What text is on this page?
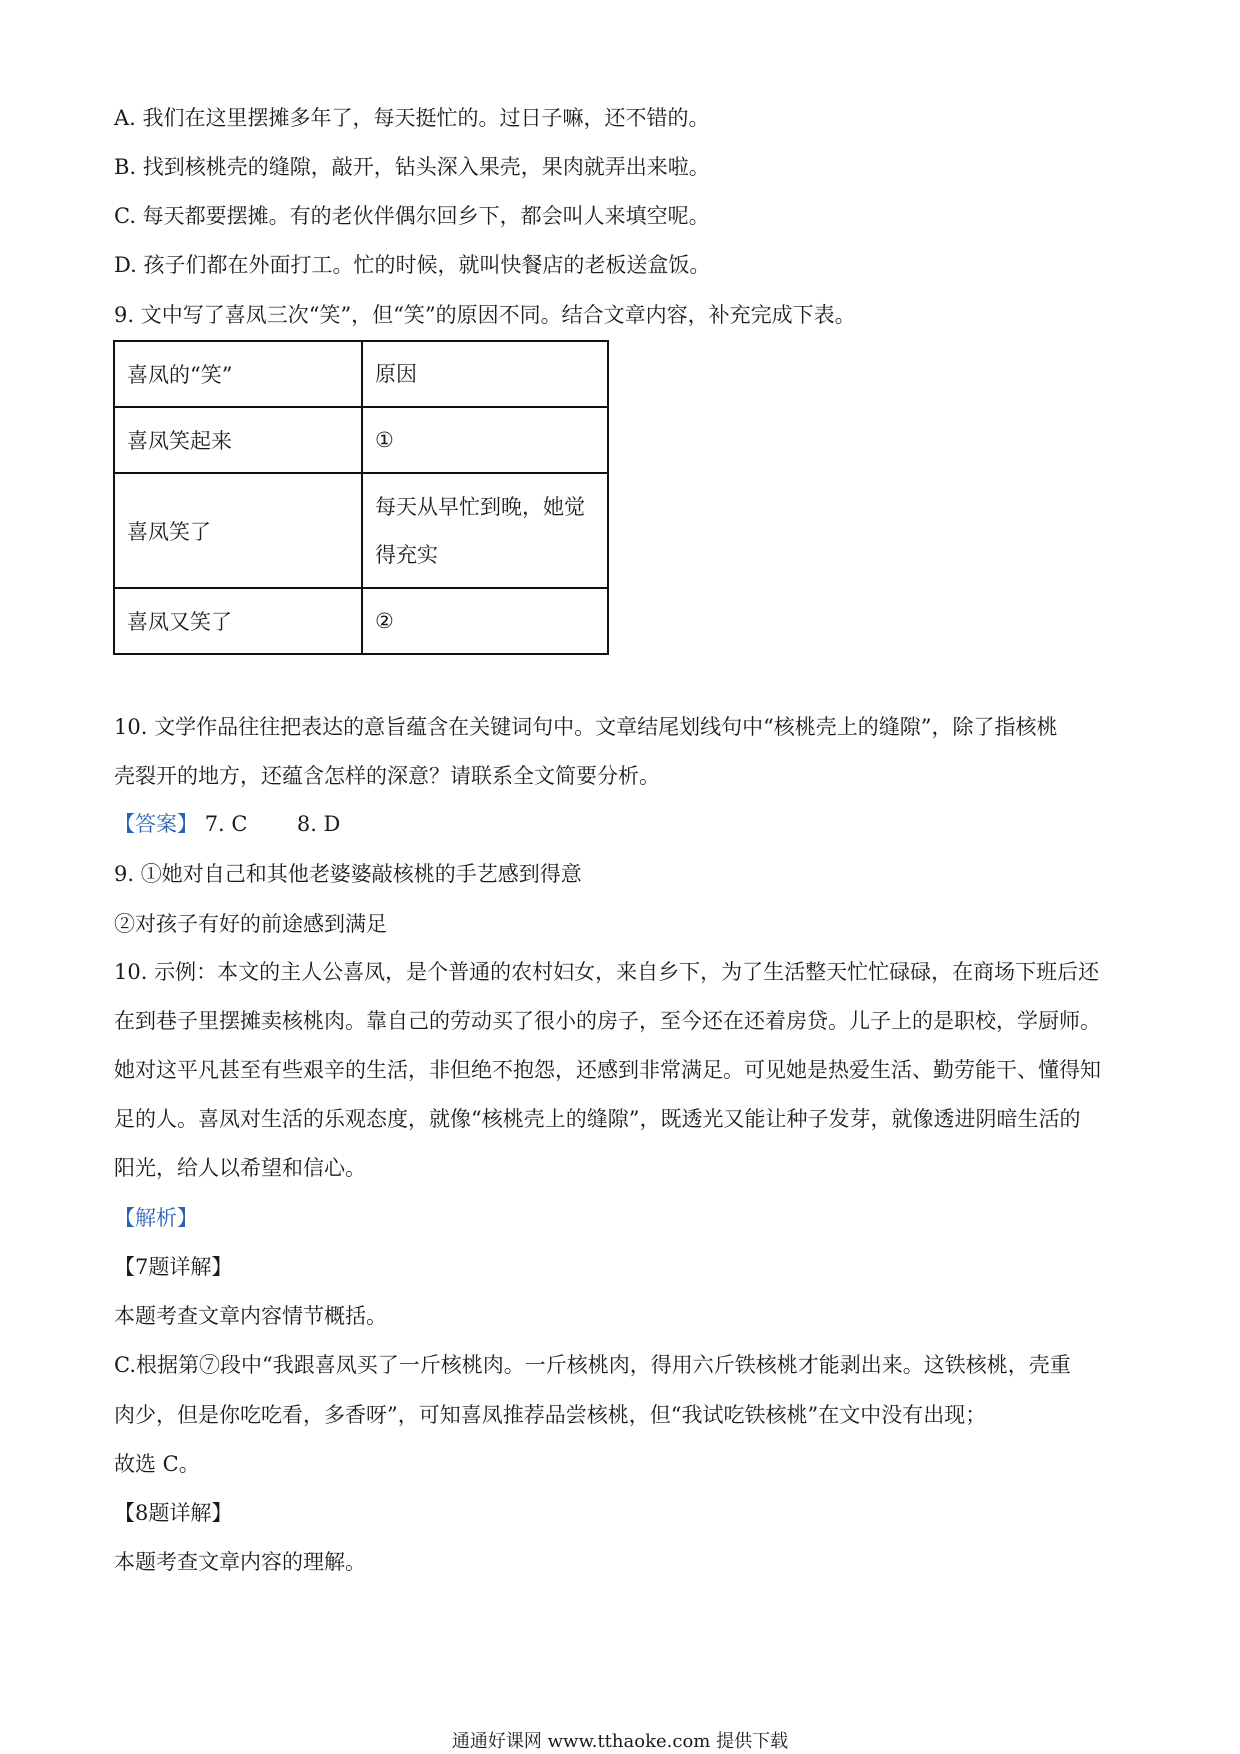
A. 我们在这里摆摊多年了，每天挺忙的。过日子嘛，还不错的。
B. 找到核桃壳的缝隙，敲开，钻头深入果壳，果肉就弄出来啦。
C. 每天都要摆摊。有的老伙伴偶尔回乡下，都会叫人来填空呢。
D. 孩子们都在外面打工。忙的时候，就叫快餐店的老板送盒饭。
9. 文中写了喜凤三次“笑”，但“笑”的原因不同。结合文章内容，补充完成下表。
喜凤的“笑”	原因
喜凤笑起来	①
喜凤笑了	每天从早忙到晚，她觉
得充实

喜凤又笑了	②
10. 文学作品往往把表达的意旨蕴含在关键词句中。文章结尾划线句中“核桃壳上的缝隙”，除了指核桃
壳裂开的地方，还蕴含怎样的深意？请联系全文简要分析。
【答案】 7. C 8. D
9. ①她对自己和其他老婆婆敲核桃的手艺感到得意
②对孩子有好的前途感到满足
10. 示例：本文的主人公喜凤，是个普通的农村妇女，来自乡下，为了生活整天忙忙碌碌，在商场下班后还
在到巷子里摆摊卖核桃肉。靠自己的劳动买了很小的房子，至今还在还着房贷。儿子上的是职校，学厨师。
她对这平凡甚至有些艰辛的生活，非但绝不抱怨，还感到非常满足。可见她是热爱生活、勤劳能干、懂得知
足的人。喜凤对生活的乐观态度，就像“核桃壳上的缝隙”，既透光又能让种子发芽，就像透进阴暗生活的
阳光，给人以希望和信心。
【解析】
【7题详解】
本题考查文章内容情节概括。
C.根据第⑦段中“我跟喜凤买了一斤核桃肉。一斤核桃肉，得用六斤铁核桃才能剥出来。这铁核桃，壳重
肉少，但是你吃吃看，多香呀”，可知喜凤推荐品尝核桃，但“我试吃铁核桃”在文中没有出现；
故选 C。
【8题详解】
本题考查文章内容的理解。
通通好课网 www.tthaoke.com 提供下载
